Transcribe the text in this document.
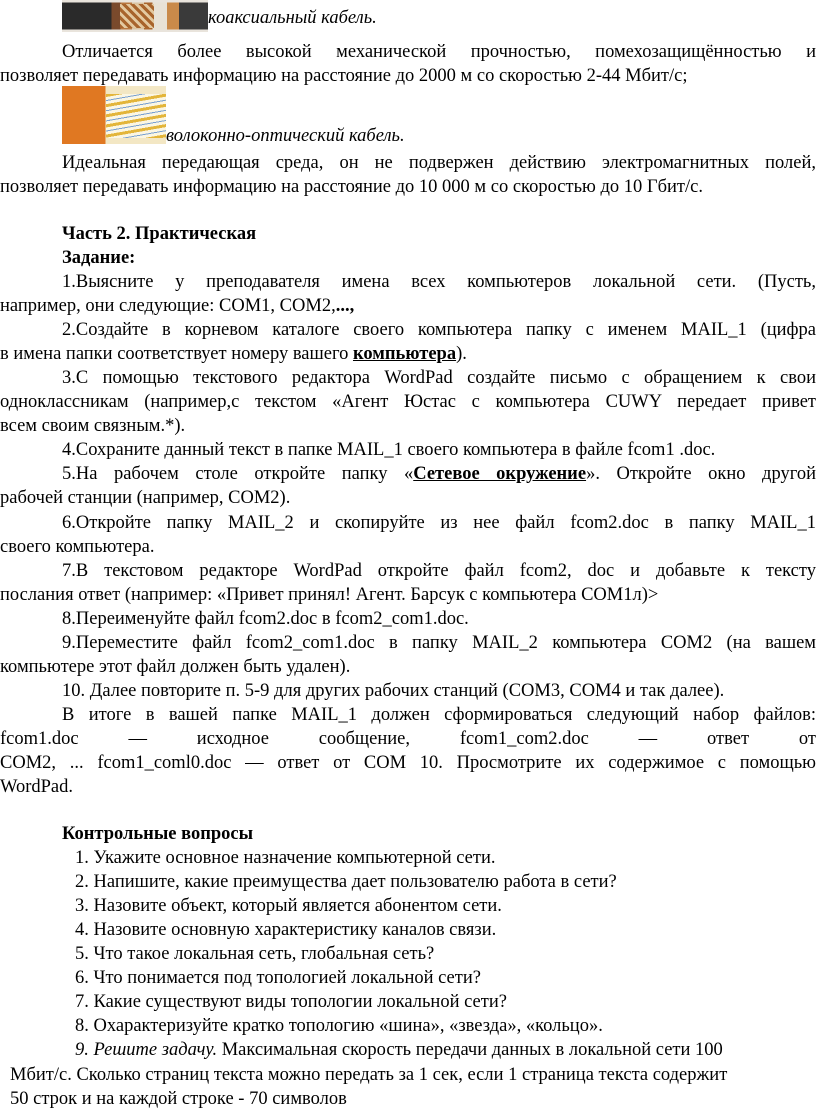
коаксиальный кабель.
Отличается более высокой механической прочностью, помехозащищённостью и
позволяет передавать информацию на расстояние до 2000 м со скоростью 2-44 Мбит/с;
волоконно-оптический кабель.
Идеальная передающая среда, он не подвержен действию электромагнитных полей,
позволяет передавать информацию на расстояние до 10 000 м со скоростью до 10 Гбит/с.
Часть 2. Практическая
Задание:
1.Выясните у преподавателя имена всех компьютеров локальной сети. (Пусть,
например, они следующие: COM1, COM2,...,
2.Создайте в корневом каталоге своего компьютера папку с именем MAIL_1 (цифра
в имена папки соответствует номеру вашего компьютера).
3.С помощью текстового редактора WordPad создайте письмо с обращением к свои
одноклассникам (например,с текстом «Агент Юстас с компьютера CUWY передает привет
всем своим связным.*).
4.Сохраните данный текст в папке MAIL_1 своего компьютера в файле fcom1 .doc.
5.На рабочем столе откройте папку «Сетевое окружение». Откройте окно другой
рабочей станции (например, COM2).
6.Откройте папку MAIL_2 и скопируйте из нее файл fcom2.doc в папку MAIL_1
своего компьютера.
7.В текстовом редакторе WordPad откройте файл fcom2, doc и добавьте к тексту
послания ответ (например: «Привет принял! Агент. Барсук с компьютера СОМ1л)>
8.Переименуйте файл fcom2.doc в fcom2_com1.doc.
9.Переместите файл fcom2_com1.doc в папку MAIL_2 компьютера COM2 (на вашем
компьютере этот файл должен быть удален).
10. Далее повторите п. 5-9 для других рабочих станций (COM3, COM4 и так далее).
В итоге в вашей папке MAIL_1 должен сформироваться следующий набор файлов:
fcom1.doc — исходное сообщение, fcom1_com2.doc — ответ от
COM2, ... fcom1_coml0.doc — ответ от COM 10. Просмотрите их содержимое с помощью
WordPad.
Контрольные вопросы
1. Укажите основное назначение компьютерной сети.
2. Напишите, какие преимущества дает пользователю работа в сети?
3. Назовите объект, который является абонентом сети.
4. Назовите основную характеристику каналов связи.
5. Что такое локальная сеть, глобальная сеть?
6. Что понимается под топологией локальной сети?
7. Какие существуют виды топологии локальной сети?
8. Охарактеризуйте кратко топологию «шина», «звезда», «кольцо».
9. Решите задачу. Максимальная скорость передачи данных в локальной сети 100
Мбит/с. Сколько страниц текста можно передать за 1 сек, если 1 страница текста содержит
50 строк и на каждой строке - 70 символов
